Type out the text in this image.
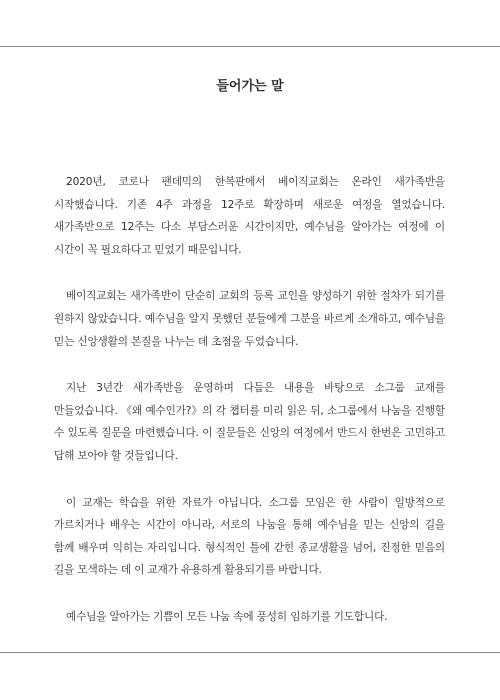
들어가는 말

2020년, 코로나 팬데믹의 한복판에서 베이직교회는 온라인 새가족반을 시작했습니다. 기존 4주 과정을 12주로 확장하며 새로운 여정을 열었습니다. 새가족반으로 12주는 다소 부담스러운 시간이지만, 예수님을 알아가는 여정에 이 시간이 꼭 필요하다고 믿었기 때문입니다.

베이직교회는 새가족반이 단순히 교회의 등록 교인을 양성하기 위한 절차가 되기를 원하지 않았습니다. 예수님을 알지 못했던 분들에게 그분을 바르게 소개하고, 예수님을 믿는 신앙생활의 본질을 나누는 데 초점을 두었습니다.

지난 3년간 새가족반을 운영하며 다듬은 내용을 바탕으로 소그룹 교재를 만들었습니다. 《왜 예수인가?》의 각 챕터를 미리 읽은 뒤, 소그룹에서 나눔을 진행할 수 있도록 질문을 마련했습니다. 이 질문들은 신앙의 여정에서 반드시 한번은 고민하고 답해 보아야 할 것들입니다.

이 교재는 학습을 위한 자료가 아닙니다. 소그룹 모임은 한 사람이 일방적으로 가르치거나 배우는 시간이 아니라, 서로의 나눔을 통해 예수님을 믿는 신앙의 길을 함께 배우며 익히는 자리입니다. 형식적인 틀에 갇힌 종교생활을 넘어, 진정한 믿음의 길을 모색하는 데 이 교재가 유용하게 활용되기를 바랍니다.

예수님을 알아가는 기쁨이 모든 나눔 속에 풍성히 임하기를 기도합니다.
